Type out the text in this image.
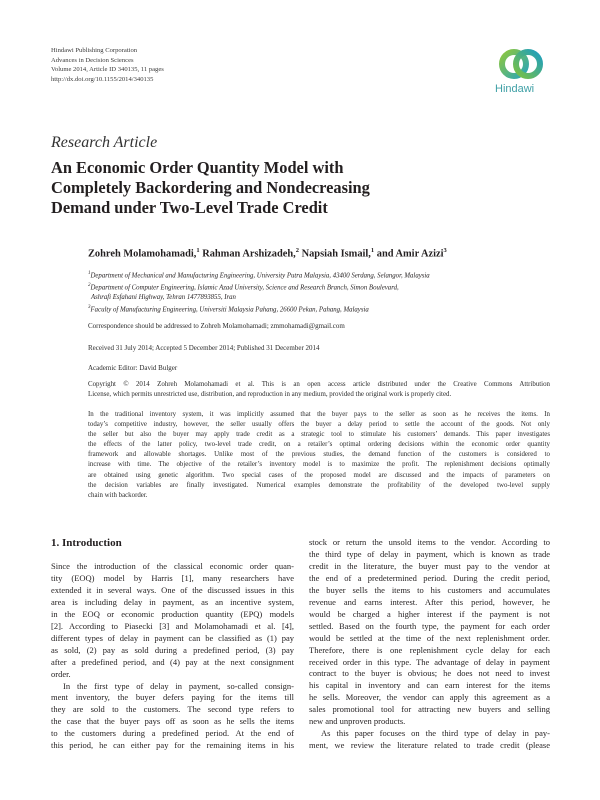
Hindawi Publishing Corporation
Advances in Decision Sciences
Volume 2014, Article ID 340135, 11 pages
http://dx.doi.org/10.1155/2014/340135
Hindawi
Research Article
An Economic Order Quantity Model with
Completely Backordering and Nondecreasing
Demand under Two-Level Trade Credit
Zohreh Molamohamadi,$^1$ Rahman Arshizadeh,$^2$ Napsiah Ismail,$^1$ and Amir Azizi$^3$
$^1$Department of Mechanical and Manufacturing Engineering, University Putra Malaysia, 43400 Serdang, Selangor, Malaysia
$^2$Department of Computer Engineering, Islamic Azad University, Science and Research Branch, Simon Boulevard,
Ashrafi Esfahani Highway, Tehran 1477893855, Iran
$^3$Faculty of Manufacturing Engineering, Universiti Malaysia Pahang, 26600 Pekan, Pahang, Malaysia
Correspondence should be addressed to Zohreh Molamohamadi; zmmohamadi@gmail.com
Received 31 July 2014; Accepted 5 December 2014; Published 31 December 2014
Academic Editor: David Bulger
Copyright © 2014 Zohreh Molamohamadi et al. This is an open access article distributed under the Creative Commons Attribution
License, which permits unrestricted use, distribution, and reproduction in any medium, provided the original work is properly cited.
In the traditional inventory system, it was implicitly assumed that the buyer pays to the seller as soon as he receives the items. In
today’s competitive industry, however, the seller usually offers the buyer a delay period to settle the account of the goods. Not only
the seller but also the buyer may apply trade credit as a strategic tool to stimulate his customers’ demands. This paper investigates
the effects of the latter policy, two-level trade credit, on a retailer’s optimal ordering decisions within the economic order quantity
framework and allowable shortages. Unlike most of the previous studies, the demand function of the customers is considered to
increase with time. The objective of the retailer’s inventory model is to maximize the profit. The replenishment decisions optimally
are obtained using genetic algorithm. Two special cases of the proposed model are discussed and the impacts of parameters on
the decision variables are finally investigated. Numerical examples demonstrate the profitability of the developed two-level supply
chain with backorder.
1. Introduction
Since the introduction of the classical economic order quan-
tity (EOQ) model by Harris [1], many researchers have
extended it in several ways. One of the discussed issues in this
area is including delay in payment, as an incentive system,
in the EOQ or economic production quantity (EPQ) models
[2]. According to Piasecki [3] and Molamohamadi et al. [4],
different types of delay in payment can be classified as (1) pay
as sold, (2) pay as sold during a predefined period, (3) pay
after a predefined period, and (4) pay at the next consignment
order.
In the first type of delay in payment, so-called consign-
ment inventory, the buyer defers paying for the items till
they are sold to the customers. The second type refers to
the case that the buyer pays off as soon as he sells the items
to the customers during a predefined period. At the end of
this period, he can either pay for the remaining items in his
stock or return the unsold items to the vendor. According to
the third type of delay in payment, which is known as trade
credit in the literature, the buyer must pay to the vendor at
the end of a predetermined period. During the credit period,
the buyer sells the items to his customers and accumulates
revenue and earns interest. After this period, however, he
would be charged a higher interest if the payment is not
settled. Based on the fourth type, the payment for each order
would be settled at the time of the next replenishment order.
Therefore, there is one replenishment cycle delay for each
received order in this type. The advantage of delay in payment
contract to the buyer is obvious; he does not need to invest
his capital in inventory and can earn interest for the items
he sells. Moreover, the vendor can apply this agreement as a
sales promotional tool for attracting new buyers and selling
new and unproven products.
As this paper focuses on the third type of delay in pay-
ment, we review the literature related to trade credit (please
